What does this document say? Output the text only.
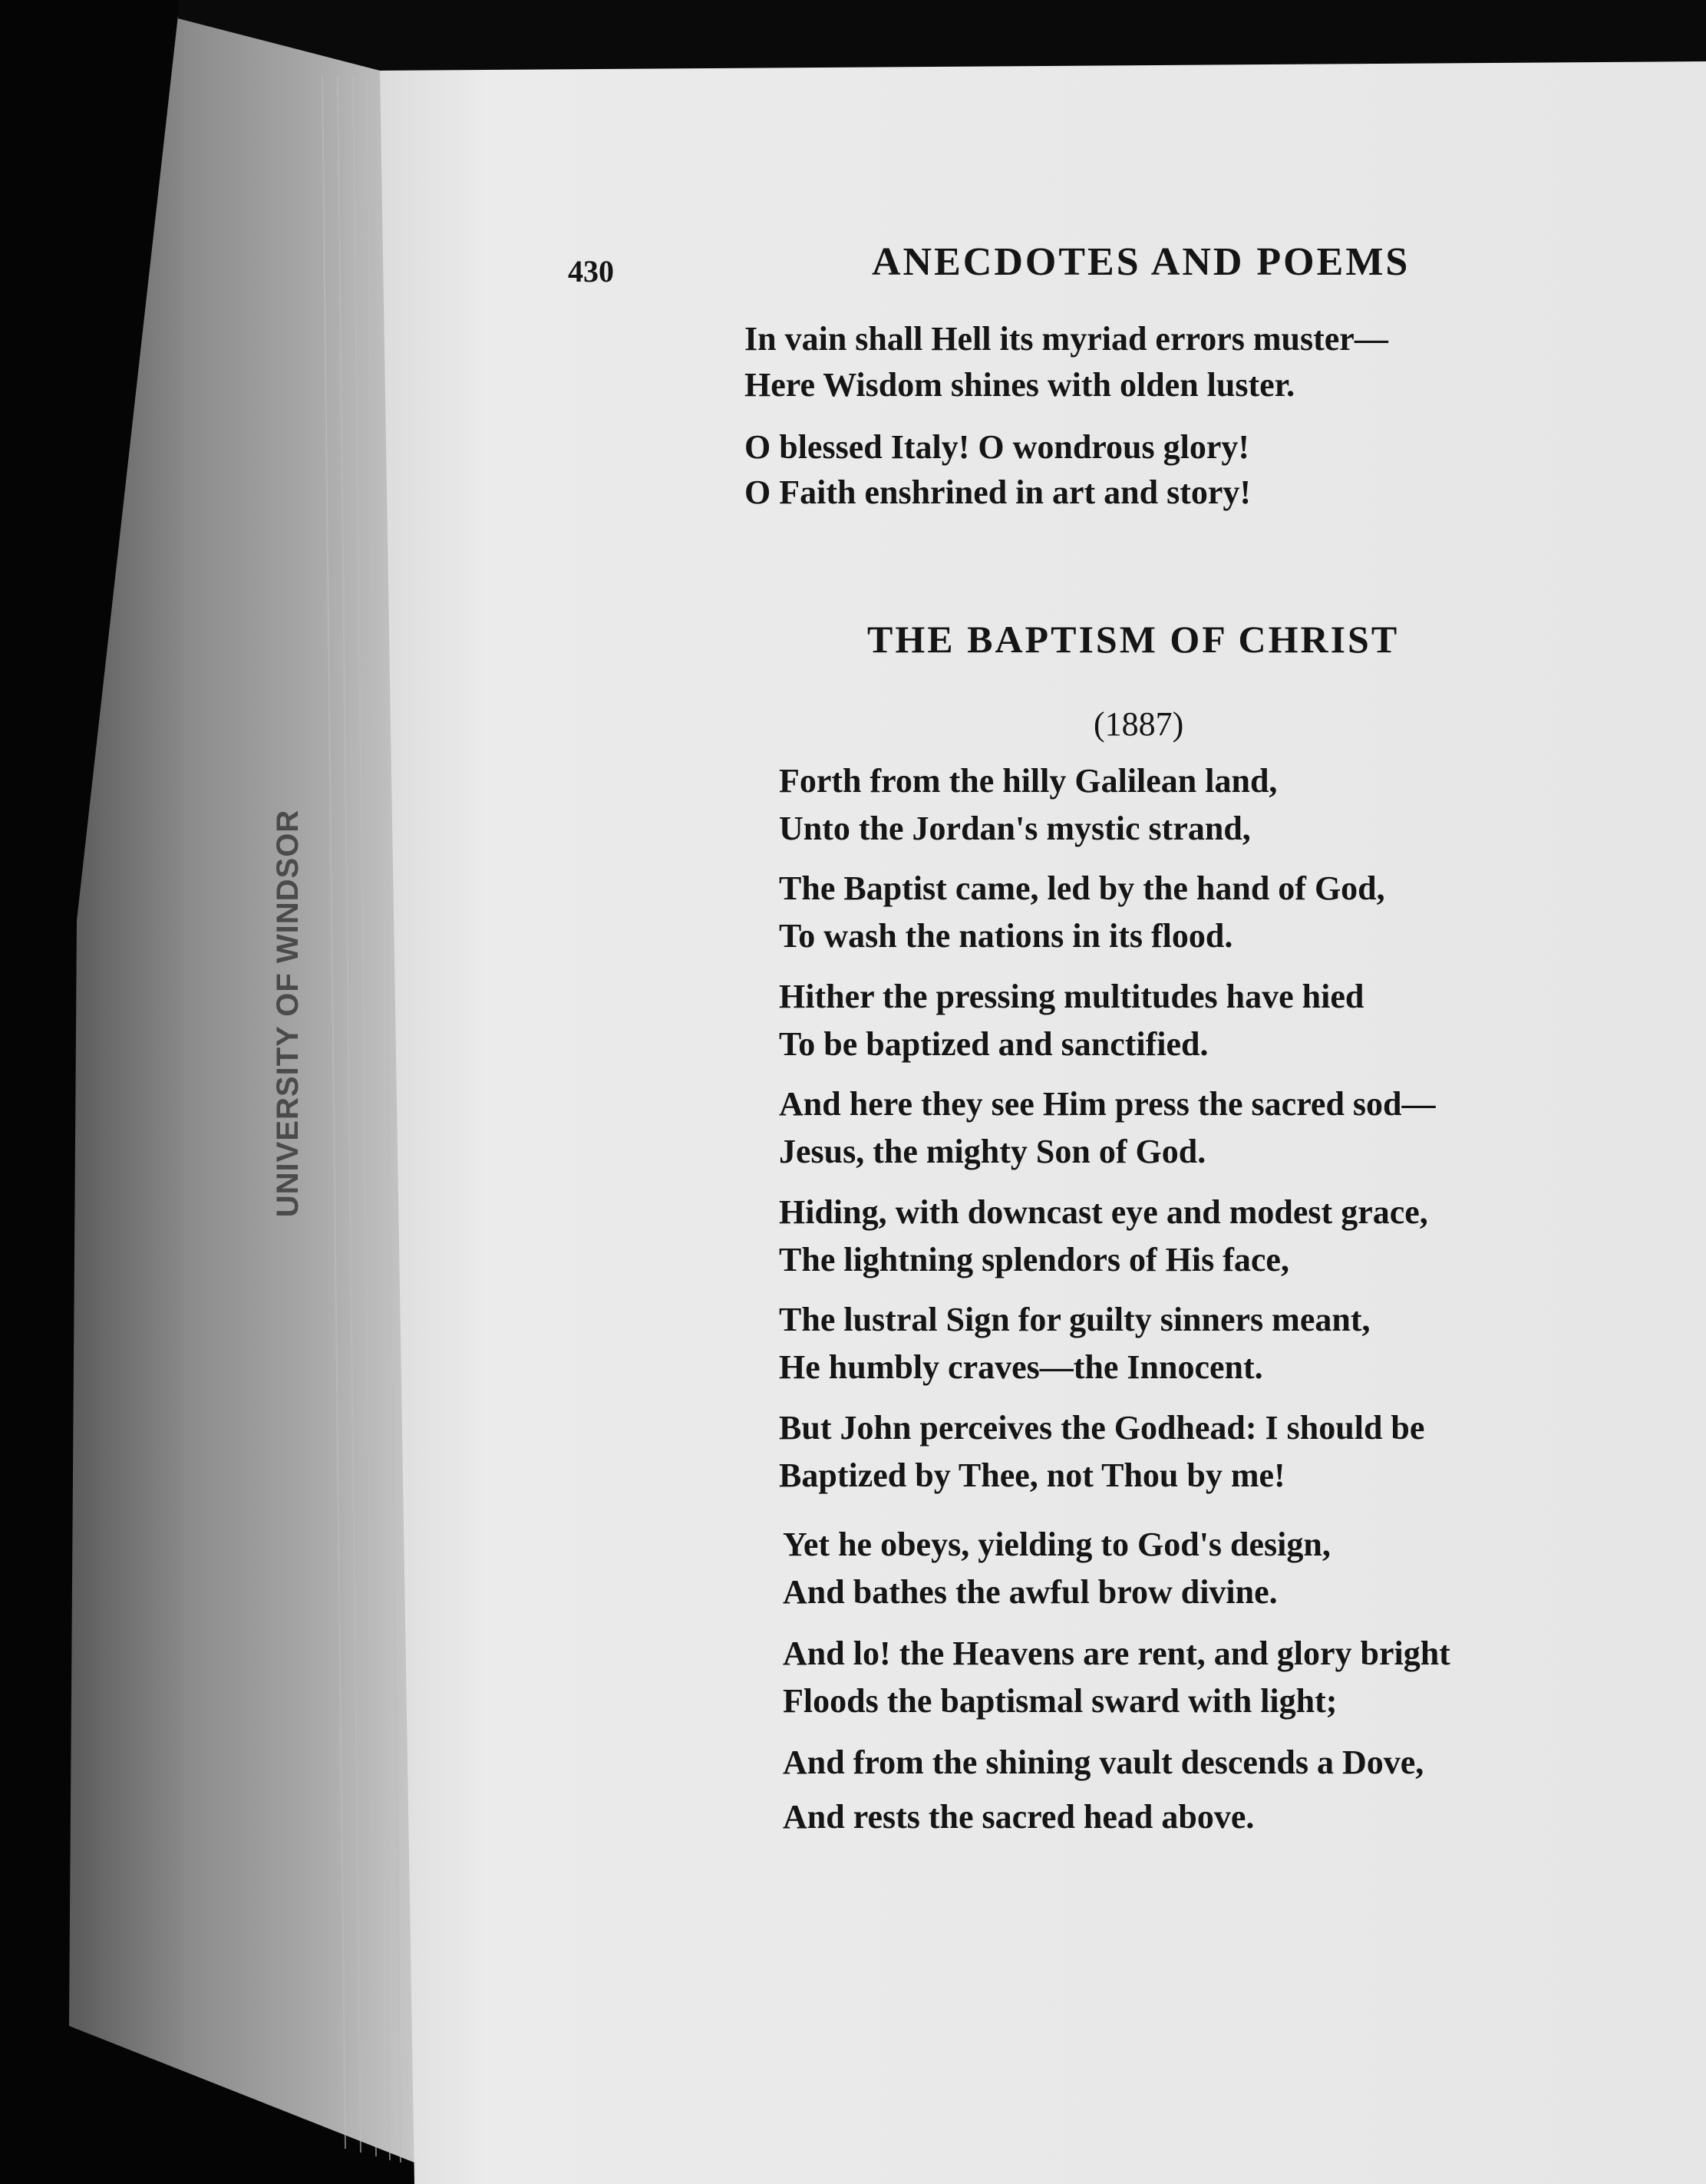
UNIVERSITY OF WINDSOR
430	ANECDOTES AND POEMS
In vain shall Hell its myriad errors muster—
Here Wisdom shines with olden luster.
O blessed Italy! O wondrous glory!
O Faith enshrined in art and story!
THE BAPTISM OF CHRIST
(1887)
Forth from the hilly Galilean land,
Unto the Jordan's mystic strand,
The Baptist came, led by the hand of God,
To wash the nations in its flood.
Hither the pressing multitudes have hied
To be baptized and sanctified.
And here they see Him press the sacred sod—
Jesus, the mighty Son of God.
Hiding, with downcast eye and modest grace,
The lightning splendors of His face,
The lustral Sign for guilty sinners meant,
He humbly craves—the Innocent.
But John perceives the Godhead: I should be
Baptized by Thee, not Thou by me!
Yet he obeys, yielding to God's design,
And bathes the awful brow divine.
And lo! the Heavens are rent, and glory bright
Floods the baptismal sward with light;
And from the shining vault descends a Dove,
And rests the sacred head above.
